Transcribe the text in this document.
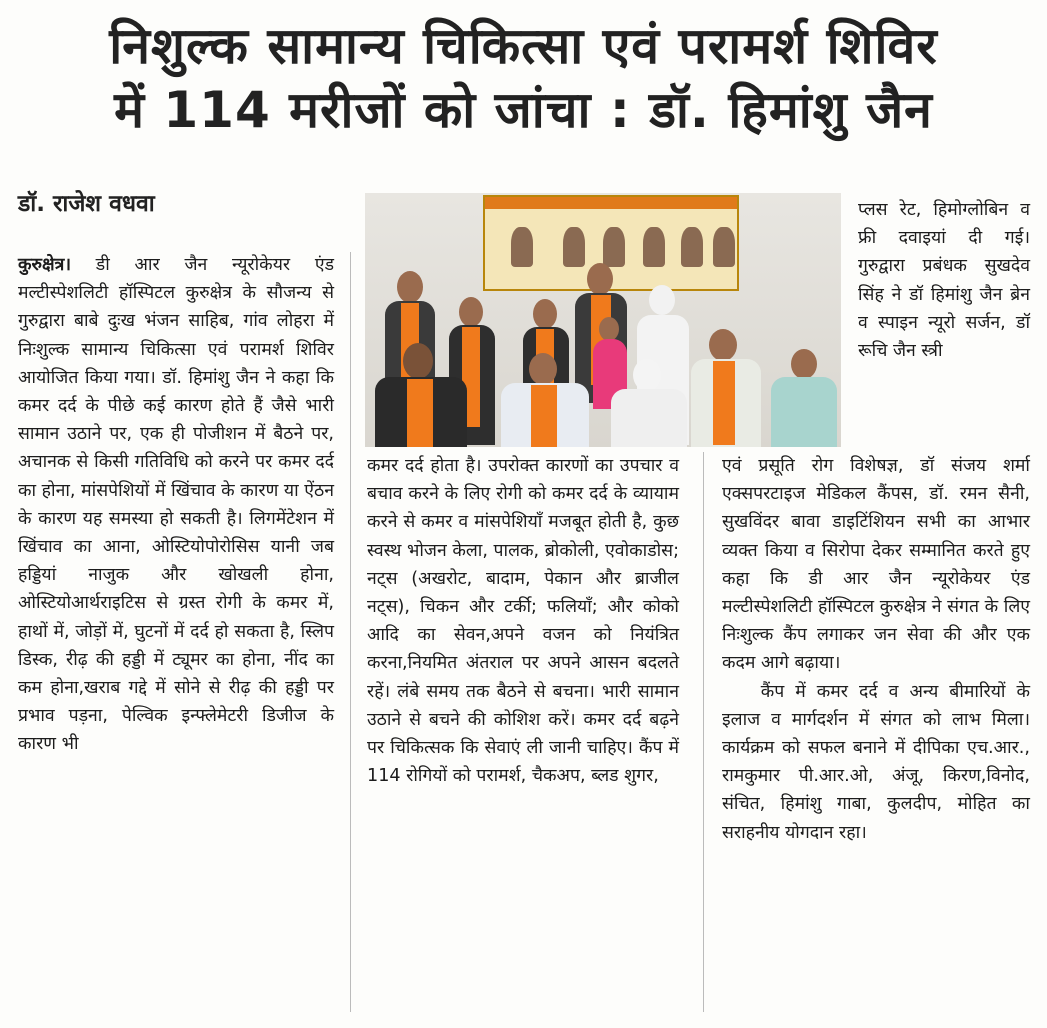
निशुल्क सामान्य चिकित्सा एवं परामर्श शिविर
में 114 मरीजों को जांचा : डॉ. हिमांशु जैन
डॉ. राजेश वधवा

कुरुक्षेत्र। डी आर जैन न्यूरोकेयर एंड मल्टीस्पेशलिटी हॉस्पिटल कुरुक्षेत्र के सौजन्य से गुरुद्वारा बाबे दुःख भंजन साहिब, गांव लोहरा में निःशुल्क सामान्य चिकित्सा एवं परामर्श शिविर आयोजित किया गया। डॉ. हिमांशु जैन ने कहा कि कमर दर्द के पीछे कई कारण होते हैं जैसे भारी सामान उठाने पर, एक ही पोजीशन में बैठने पर, अचानक से किसी गतिविधि को करने पर कमर दर्द का होना, मांसपेशियों में खिंचाव के कारण या ऐंठन के कारण यह समस्या हो सकती है। लिगमेंटेशन में खिंचाव का आना, ओस्टियोपोरोसिस यानी जब हड्डियां नाजुक और खोखली होना, ओस्टियोआर्थराइटिस से ग्रस्त रोगी के कमर में, हाथों में, जोड़ों में, घुटनों में दर्द हो सकता है, स्लिप डिस्क, रीढ़ की हड्डी में ट्यूमर का होना, नींद का कम होना,खराब गद्दे में सोने से रीढ़ की हड्डी पर प्रभाव पड़ना, पेल्विक इन्फ्लेमेटरी डिजीज के कारण भी

प्लस रेट, हिमोग्लोबिन व फ्री दवाइयां दी गई। गुरुद्वारा प्रबंधक सुखदेव सिंह ने डॉ हिमांशु जैन ब्रेन व स्पाइन न्यूरो सर्जन, डॉ रूचि जैन स्त्री

कमर दर्द होता है। उपरोक्त कारणों का उपचार व बचाव करने के लिए रोगी को कमर दर्द के व्यायाम करने से कमर व मांसपेशियाँ मजबूत होती है, कुछ स्वस्थ भोजन केला, पालक, ब्रोकोली, एवोकाडोस; नट्स (अखरोट, बादाम, पेकान और ब्राजील नट्स), चिकन और टर्की; फलियाँ; और कोको आदि का सेवन,अपने वजन को नियंत्रित करना,नियमित अंतराल पर अपने आसन बदलते रहें। लंबे समय तक बैठने से बचना। भारी सामान उठाने से बचने की कोशिश करें। कमर दर्द बढ़ने पर चिकित्सक कि सेवाएं ली जानी चाहिए। कैंप में 114 रोगियों को परामर्श, चैकअप, ब्लड शुगर,

एवं प्रसूति रोग विशेषज्ञ, डॉ संजय शर्मा एक्सपरटाइज मेडिकल कैंपस, डॉ. रमन सैनी, सुखविंदर बावा डाइटिंशियन सभी का आभार व्यक्त किया व सिरोपा देकर सम्मानित करते हुए कहा कि डी आर जैन न्यूरोकेयर एंड मल्टीस्पेशलिटी हॉस्पिटल कुरुक्षेत्र ने संगत के लिए निःशुल्क कैंप लगाकर जन सेवा की और एक कदम आगे बढ़ाया।

कैंप में कमर दर्द व अन्य बीमारियों के इलाज व मार्गदर्शन में संगत को लाभ मिला। कार्यक्रम को सफल बनाने में दीपिका एच.आर., रामकुमार पी.आर.ओ, अंजू, किरण,विनोद, संचित, हिमांशु गाबा, कुलदीप, मोहित का सराहनीय योगदान रहा।
